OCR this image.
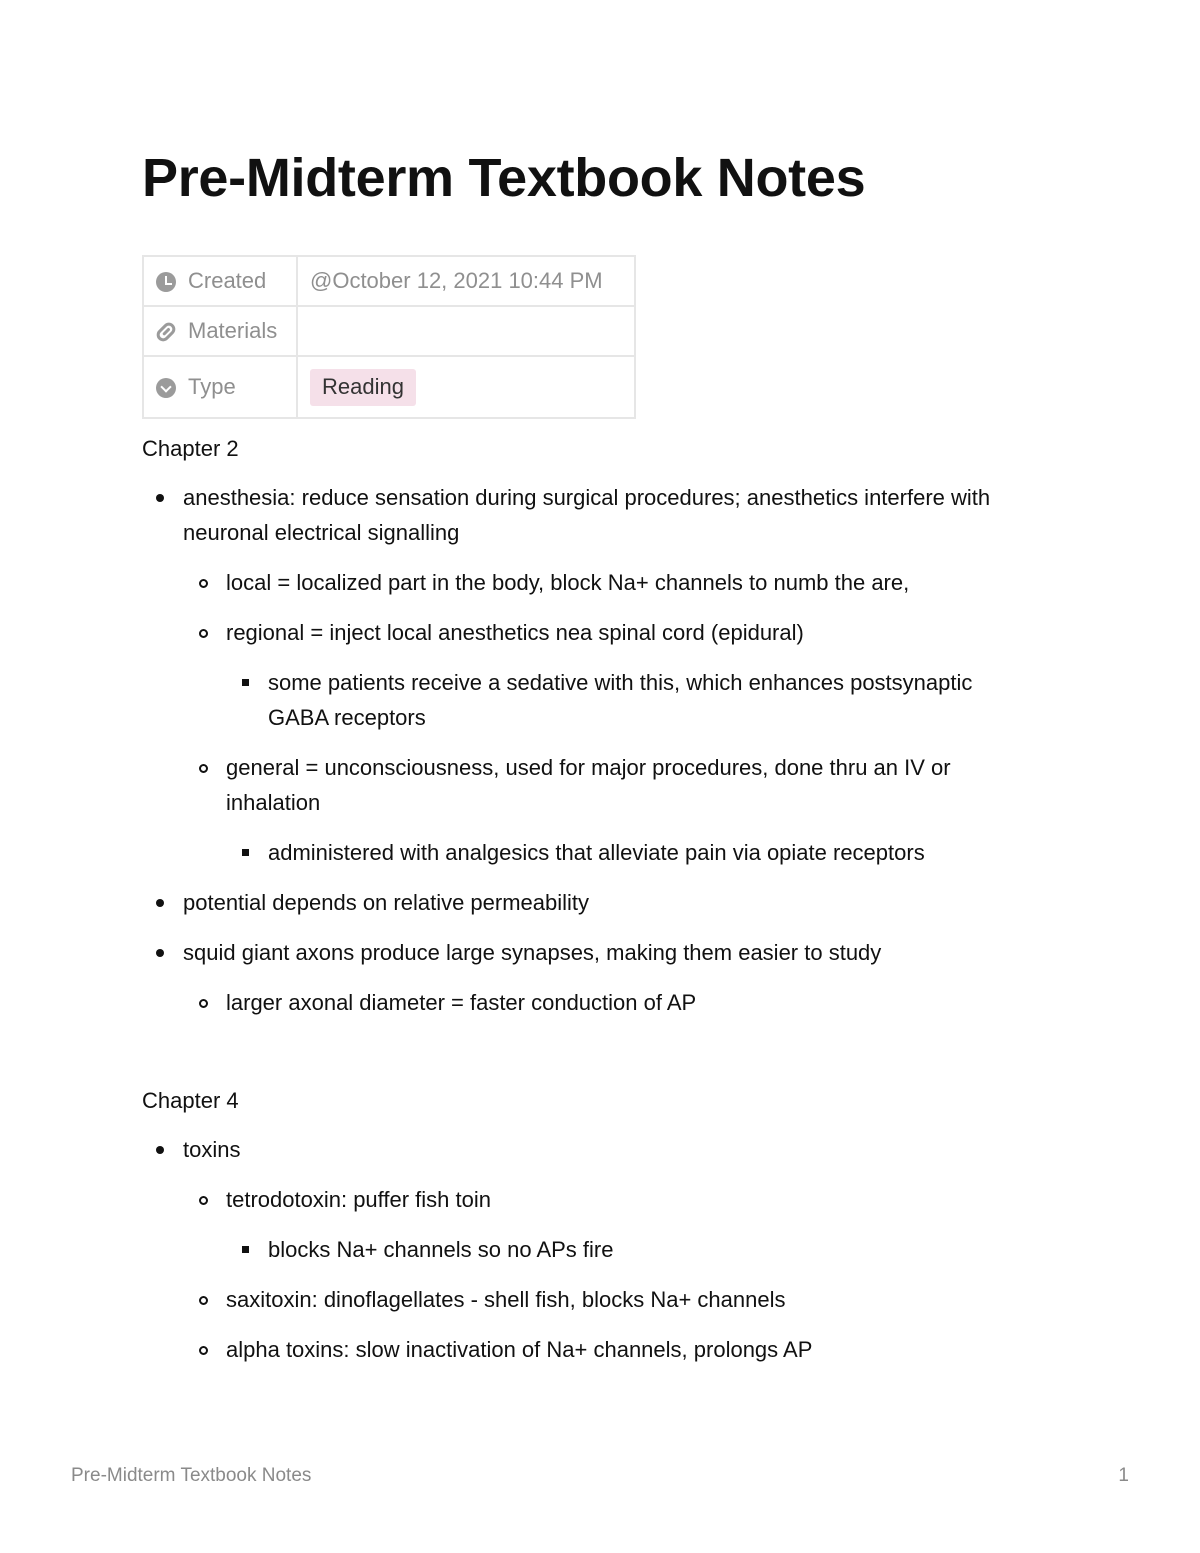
Pre-Midterm Textbook Notes
Created	@October 12, 2021 10:44 PM
Materials	
Type	Reading

Chapter 2

anesthesia: reduce sensation during surgical procedures; anesthetics interfere with neuronal electrical signalling
local = localized part in the body, block Na+ channels to numb the are,
regional = inject local anesthetics nea spinal cord (epidural)
some patients receive a sedative with this, which enhances postsynaptic GABA receptors
general = unconsciousness, used for major procedures, done thru an IV or inhalation
administered with analgesics that alleviate pain via opiate receptors
potential depends on relative permeability
squid giant axons produce large synapses, making them easier to study
larger axonal diameter = faster conduction of AP

Chapter 4

toxins
tetrodotoxin: puffer fish toin
blocks Na+ channels so no APs fire
saxitoxin: dinoflagellates - shell fish, blocks Na+ channels
alpha toxins: slow inactivation of Na+ channels, prolongs AP
Pre-Midterm Textbook Notes	1
